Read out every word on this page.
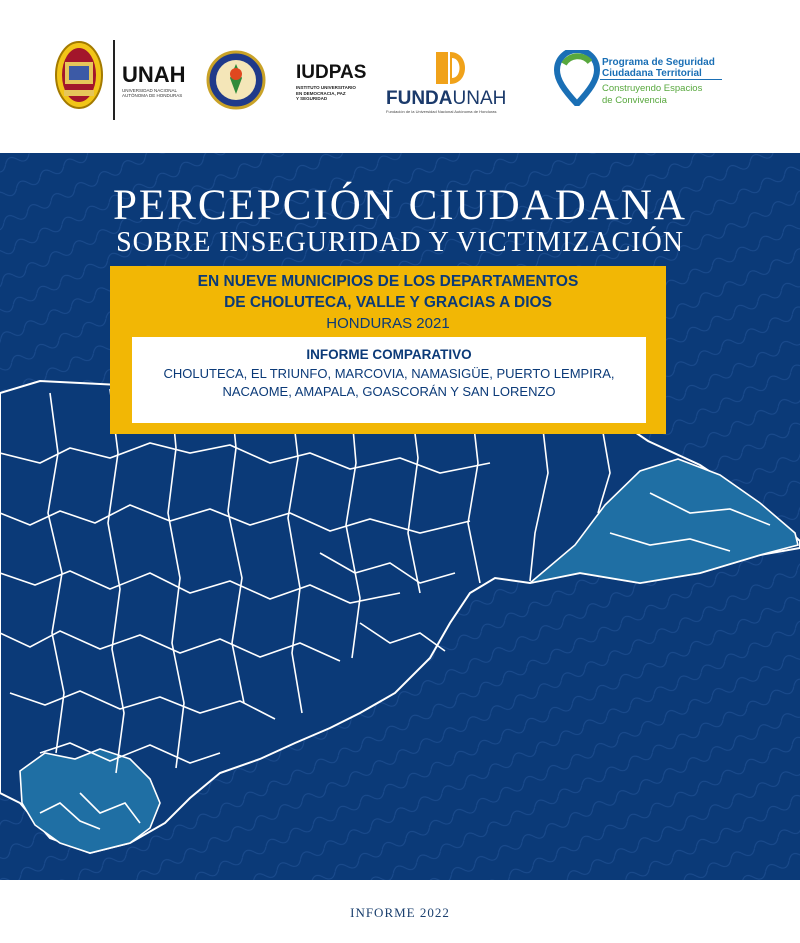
UNAH
UNIVERSIDAD NACIONAL AUTÓNOMA DE HONDURAS
IUDPAS
INSTITUTO UNIVERSITARIO
EN DEMOCRACIA, PAZ
Y SEGURIDAD	FUNDAUNAH
Fundación de la Universidad Nacional Autónoma de Honduras
Programa de Seguridad
Ciudadana Territorial
Construyendo Espacios
de Convivencia
PERCEPCIÓN CIUDADANA
SOBRE INSEGURIDAD Y VICTIMIZACIÓN
EN NUEVE MUNICIPIOS DE LOS DEPARTAMENTOS
DE CHOLUTECA, VALLE Y GRACIAS A DIOS
HONDURAS 2021
INFORME COMPARATIVO
CHOLUTECA, EL TRIUNFO, MARCOVIA, NAMASIGÜE, PUERTO LEMPIRA,
NACAOME, AMAPALA, GOASCORÁN Y SAN LORENZO
INFORME 2022
